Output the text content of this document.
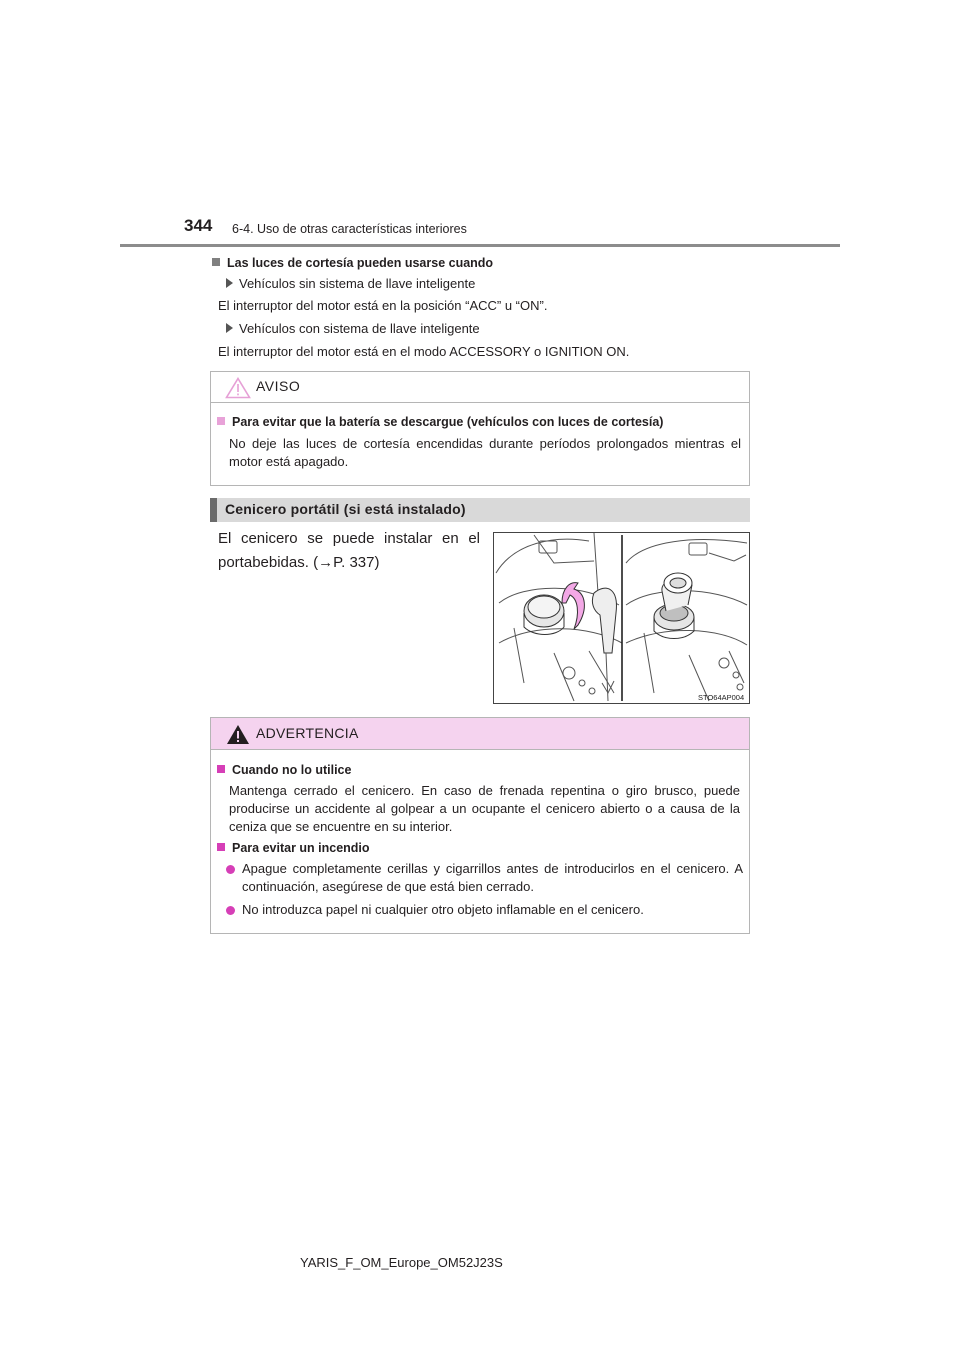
344 6-4. Uso de otras características interiores
Las luces de cortesía pueden usarse cuando
Vehículos sin sistema de llave inteligente
El interruptor del motor está en la posición “ACC” u “ON”.
Vehículos con sistema de llave inteligente
El interruptor del motor está en el modo ACCESSORY o IGNITION ON.
AVISO
Para evitar que la batería se descargue (vehículos con luces de cortesía)
No deje las luces de cortesía encendidas durante períodos prolongados mientras el
motor está apagado.
Cenicero portátil (si está instalado)
El cenicero se puede instalar en el
portabebidas. (→P. 337)
STO64AP004
ADVERTENCIA
Cuando no lo utilice
Mantenga cerrado el cenicero. En caso de frenada repentina o giro brusco, puede
producirse un accidente al golpear a un ocupante el cenicero abierto o a causa de la
ceniza que se encuentre en su interior.
Para evitar un incendio
Apague completamente cerillas y cigarrillos antes de introducirlos en el cenicero. A
continuación, asegúrese de que está bien cerrado.
No introduzca papel ni cualquier otro objeto inflamable en el cenicero.
YARIS_F_OM_Europe_OM52J23S
